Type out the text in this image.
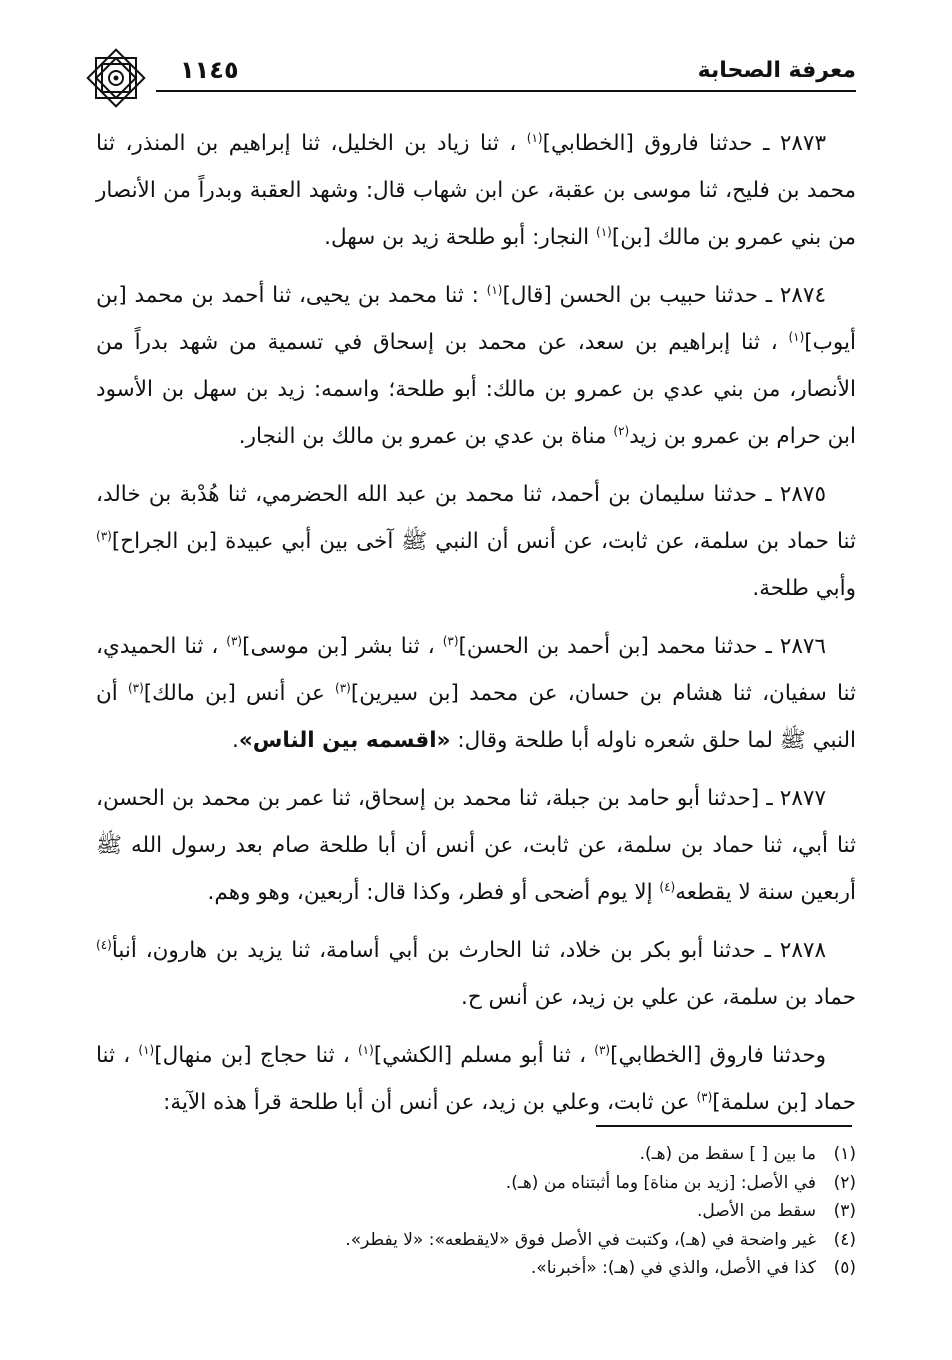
معرفة الصحابة
١١٤٥

٢٨٧٣ ـ حدثنا فاروق [الخطابي]$^{(١)}$ ، ثنا زياد بن الخليل، ثنا إبراهيم بن المنذر، ثنا محمد بن فليح، ثنا موسى بن عقبة، عن ابن شهاب قال: وشهد العقبة وبدراً من الأنصار من بني عمرو بن مالك [بن]$^{(١)}$ النجار: أبو طلحة زيد بن سهل.

٢٨٧٤ ـ حدثنا حبيب بن الحسن [قال]$^{(١)}$ : ثنا محمد بن يحيى، ثنا أحمد بن محمد [بن أيوب]$^{(١)}$ ، ثنا إبراهيم بن سعد، عن محمد بن إسحاق في تسمية من شهد بدراً من الأنصار، من بني عدي بن عمرو بن مالك: أبو طلحة؛ واسمه: زيد بن سهل بن الأسود ابن حرام بن عمرو بن زيد$^{(٢)}$ مناة بن عدي بن عمرو بن مالك بن النجار.

٢٨٧٥ ـ حدثنا سليمان بن أحمد، ثنا محمد بن عبد الله الحضرمي، ثنا هُدْبة بن خالد، ثنا حماد بن سلمة، عن ثابت، عن أنس أن النبي ﷺ آخى بين أبي عبيدة [بن الجراح]$^{(٣)}$ وأبي طلحة.

٢٨٧٦ ـ حدثنا محمد [بن أحمد بن الحسن]$^{(٣)}$ ، ثنا بشر [بن موسى]$^{(٣)}$ ، ثنا الحميدي، ثنا سفيان، ثنا هشام بن حسان، عن محمد [بن سيرين]$^{(٣)}$ عن أنس [بن مالك]$^{(٣)}$ أن النبي ﷺ لما حلق شعره ناوله أبا طلحة وقال: «اقسمه بين الناس».

٢٨٧٧ ـ [حدثنا أبو حامد بن جبلة، ثنا محمد بن إسحاق، ثنا عمر بن محمد بن الحسن، ثنا أبي، ثنا حماد بن سلمة، عن ثابت، عن أنس أن أبا طلحة صام بعد رسول الله ﷺ أربعين سنة لا يقطعه$^{(٤)}$ إلا يوم أضحى أو فطر، وكذا قال: أربعين، وهو وهم.

٢٨٧٨ ـ حدثنا أبو بكر بن خلاد، ثنا الحارث بن أبي أسامة، ثنا يزيد بن هارون، أنبأ$^{(٤)}$ حماد بن سلمة، عن علي بن زيد، عن أنس ح.

وحدثنا فاروق [الخطابي]$^{(٣)}$ ، ثنا أبو مسلم [الكشي]$^{(١)}$ ، ثنا حجاج [بن منهال]$^{(١)}$ ، ثنا حماد [بن سلمة]$^{(٣)}$ عن ثابت، وعلي بن زيد، عن أنس أن أبا طلحة قرأ هذه الآية:

(١)
ما بين [ ] سقط من (هـ).
(٢)
في الأصل: [زيد بن مناة] وما أثبتناه من (هـ).
(٣)
سقط من الأصل.
(٤)
غير واضحة في (هـ)، وكتبت في الأصل فوق «لايقطعه»: «لا يفطر».
(٥)
كذا في الأصل، والذي في (هـ): «أخبرنا».
